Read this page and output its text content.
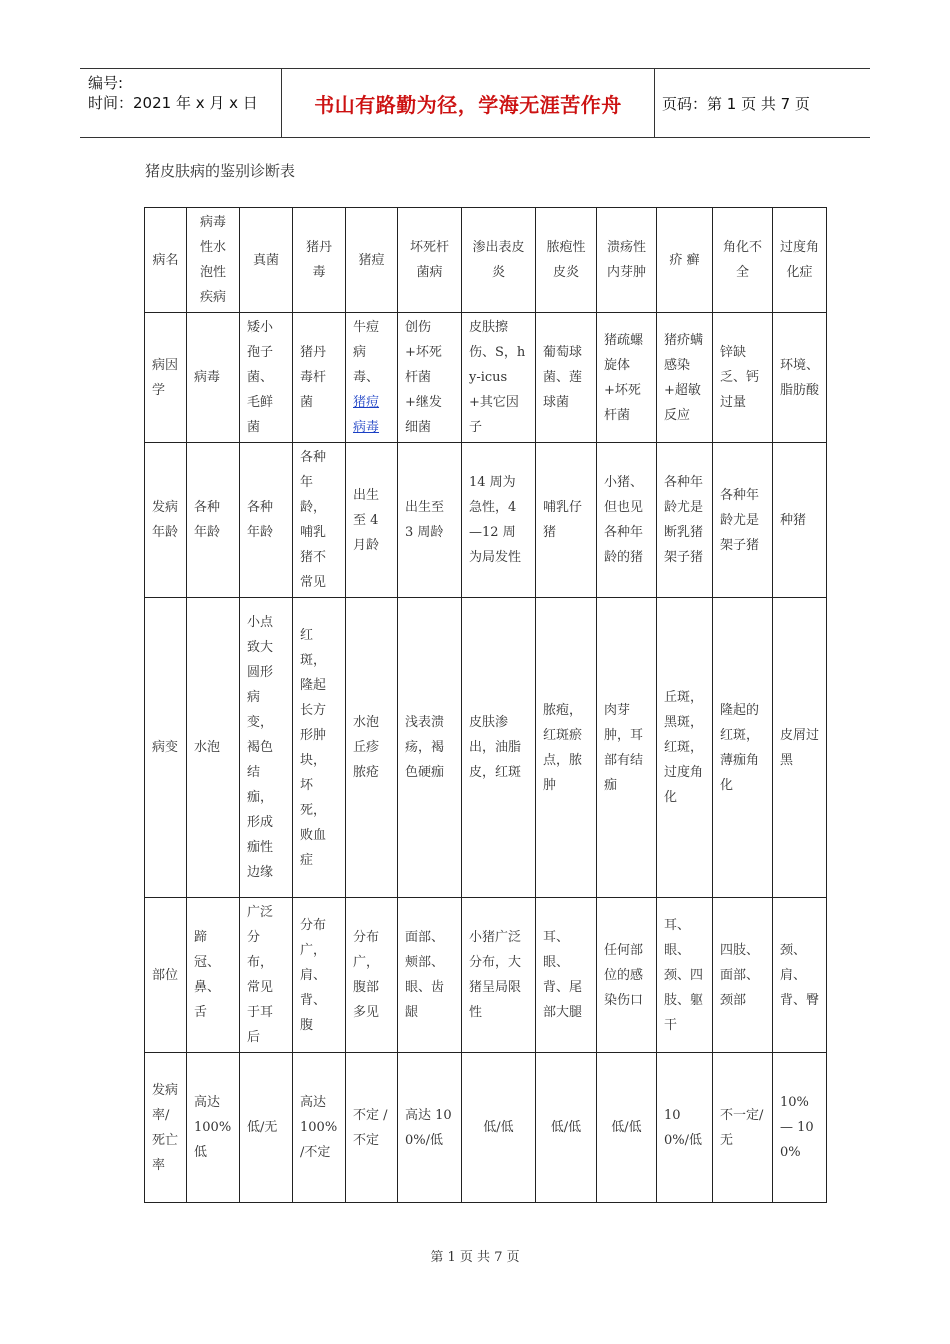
编号:
时间：2021 年 x 月 x 日	书山有路勤为径，学海无涯苦作舟	页码：第 1 页 共 7 页
猪皮肤病的鉴别诊断表
病名	病毒性水泡性疾病	真菌	猪丹毒	猪痘	坏死杆菌病	渗出表皮炎	脓疱性皮炎	溃疡性内芽肿	疥 癣	角化不全	过度角化症
病因学	病毒	矮小孢子菌、毛鲜菌	猪丹毒杆菌	牛痘病毒、猪痘病毒	创伤+坏死杆菌+继发细菌	皮肤擦伤、S，hy-icus+其它因子	葡萄球菌、莲球菌	猪疏螺旋体+坏死杆菌	猪疥螨感染+超敏反应	锌缺乏、钙过量	环境、脂肪酸
发病年龄	各种年龄	各种年龄	各种年龄，哺乳猪不常见	出生至 4 月龄	出生至 3 周龄	14 周为急性，4—12 周为局发性	哺乳仔猪	小猪、但也见各种年龄的猪	各种年龄尤是断乳猪架子猪	各种年龄尤是架子猪	种猪
病变	水泡	小点致大圆形病变，褐色结痂，形成痂性边缘	红斑，隆起长方形肿块，坏死，败血症	水泡丘疹脓疮	浅表溃疡，褐色硬痂	皮肤渗出，油脂皮，红斑	脓疱，红斑瘀点，脓肿	肉芽肿，耳部有结痂	丘斑，黑斑，红斑，过度角化	隆起的红斑，薄痂角化	皮屑过黑
部位	蹄冠、鼻、舌	广泛分布，常见于耳后	分布广，肩、背、腹	分布广，腹部多见	面部、颊部、眼、齿龈	小猪广泛分布，大猪呈局限性	耳、眼、背、尾部大腿	任何部位的感染伤口	耳、眼、颈、四肢、躯干	四肢、面部、颈部	颈、肩、背、臀
发病率/死亡率	高达 100% 低	低/无	高达 100% /不定	不定 /不定	高达 100%/低	低/低	低/低	低/低	100%/低	不一定/无	10% — 100%
第 1 页 共 7 页
